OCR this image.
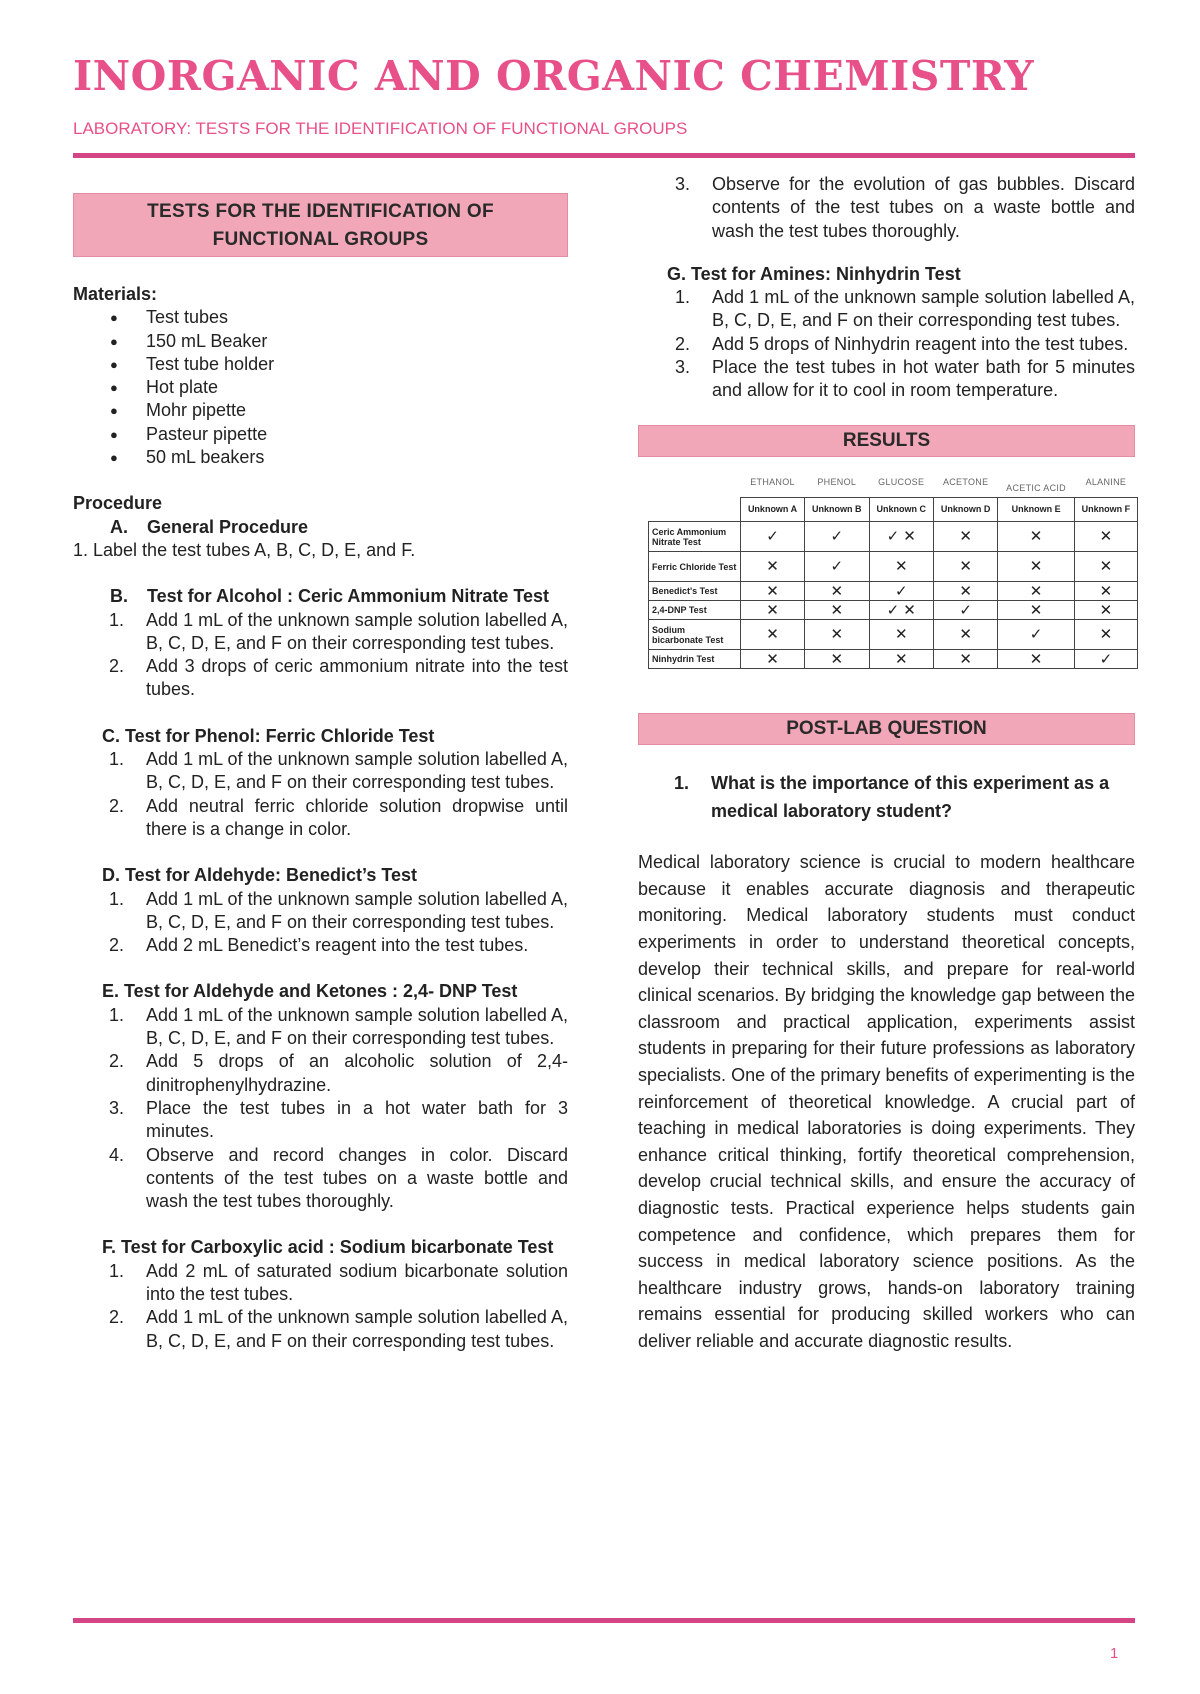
INORGANIC AND ORGANIC CHEMISTRY
LABORATORY: TESTS FOR THE IDENTIFICATION OF FUNCTIONAL GROUPS
TESTS FOR THE IDENTIFICATION OF
FUNCTIONAL GROUPS
Materials:
● Test tubes
● 150 mL Beaker
● Test tube holder
● Hot plate
● Mohr pipette
● Pasteur pipette
● 50 mL beakers
Procedure
A. General Procedure
1. Label the test tubes A, B, C, D, E, and F.
B.	Test for Alcohol : Ceric Ammonium Nitrate Test
1. Add 1 mL of the unknown sample solution labelled A, B, C, D, E, and F on their corresponding test tubes.
2. Add 3 drops of ceric ammonium nitrate into the test tubes.
C. Test for Phenol: Ferric Chloride Test
1. Add 1 mL of the unknown sample solution labelled A, B, C, D, E, and F on their corresponding test tubes.
2. Add neutral ferric chloride solution dropwise until there is a change in color.
D. Test for Aldehyde: Benedict’s Test
1. Add 1 mL of the unknown sample solution labelled A, B, C, D, E, and F on their corresponding test tubes.
2. Add 2 mL Benedict’s reagent into the test tubes.
E. Test for Aldehyde and Ketones : 2,4- DNP Test
1. Add 1 mL of the unknown sample solution labelled A, B, C, D, E, and F on their corresponding test tubes.
2. Add 5 drops of an alcoholic solution of 2,4-dinitrophenylhydrazine.
3. Place the test tubes in a hot water bath for 3 minutes.
4. Observe and record changes in color. Discard contents of the test tubes on a waste bottle and wash the test tubes thoroughly.
F. Test for Carboxylic acid : Sodium bicarbonate Test
1. Add 2 mL of saturated sodium bicarbonate solution into the test tubes.
2. Add 1 mL of the unknown sample solution labelled A, B, C, D, E, and F on their corresponding test tubes.
3. Observe for the evolution of gas bubbles. Discard contents of the test tubes on a waste bottle and wash the test tubes thoroughly.
G. Test for Amines: Ninhydrin Test
1. Add 1 mL of the unknown sample solution labelled A, B, C, D, E, and F on their corresponding test tubes.
2. Add 5 drops of Ninhydrin reagent into the test tubes.
3. Place the test tubes in hot water bath for 5 minutes and allow for it to cool in room temperature.
RESULTS
	ETHANOL	PHENOL	GLUCOSE	ACETONE	ACETIC ACID	ALANINE
	Unknown A	Unknown B	Unknown C	Unknown D	Unknown E	Unknown F
Ceric Ammonium Nitrate Test	✓	✓	✓ ✕	✕	✕	✕
Ferric Chloride Test	✕	✓	✕	✕	✕	✕
Benedict's Test	✕	✕	✓	✕	✕	✕
2,4-DNP Test	✕	✕	✓ ✕	✓	✕	✕
Sodium bicarbonate Test	✕	✕	✕	✕	✓	✕
Ninhydrin Test	✕	✕	✕	✕	✕	✓
POST-LAB QUESTION
1.	What is the importance of this experiment as a medical laboratory student?
Medical laboratory science is crucial to modern healthcare because it enables accurate diagnosis and therapeutic monitoring. Medical laboratory students must conduct experiments in order to understand theoretical concepts, develop their technical skills, and prepare for real-world clinical scenarios. By bridging the knowledge gap between the classroom and practical application, experiments assist students in preparing for their future professions as laboratory specialists. One of the primary benefits of experimenting is the reinforcement of theoretical knowledge. A crucial part of teaching in medical laboratories is doing experiments. They enhance critical thinking, fortify theoretical comprehension, develop crucial technical skills, and ensure the accuracy of diagnostic tests. Practical experience helps students gain competence and confidence, which prepares them for success in medical laboratory science positions. As the healthcare industry grows, hands-on laboratory training remains essential for producing skilled workers who can deliver reliable and accurate diagnostic results.
1
